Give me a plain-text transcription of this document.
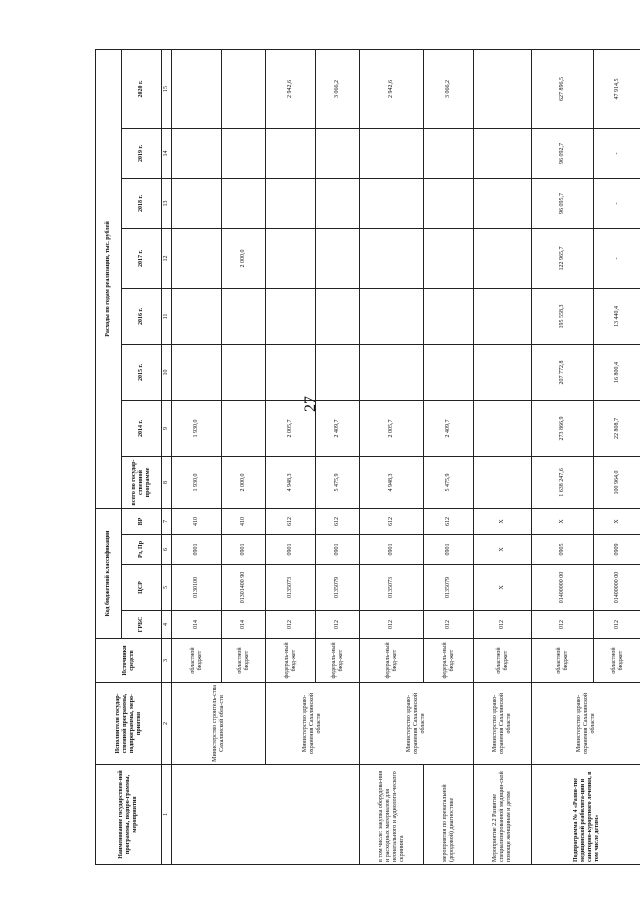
27
Наименование государствен-ной программы, подпро-граммы, мероприятия	Исполнители государ-ственной программы, подпрограммы, меро-приятия	Источники средств	Код бюджетной классификации				Расходы по годам реализации, тыс. рублей							
			ГРБС	ЦСР	Рз, Пр	ВР	всего по государ-ственной программе	2014 г.	2015 г.	2016 г.	2017 г.	2018 г.	2019 г.	2020 г.
1	2	3	4	5	6	7	8	9	10	11	12	13	14	15
	Министерство строитель-ства Сахалинской обла-сти	областной бюджет	014	0130100	0901	410	1 930,0	1 930,0						
		областной бюджет	014	01301400 90	0901	410	2 000,0				2 000,0			
	Министерство здраво-охранения Сахалинской области	федераль-ный бюд-жет	012	0135073	0901	612	4 948,3	2 005,7						2 942,6
		федераль-ный бюд-жет	012	0135079	0901	612	5 475,9	2 409,7						3 066,2
в том числе: закупка оборудова-ния и расходных материалов для неонатального и аудиологи-ческого скрининга	Министерство здраво-охранения Сахалинской области	федераль-ный бюд-жет	012	0135073	0901	612	4 948,3	2 005,7						2 942,6
мероприятия по пренатальной (дородовой) диагностике		федераль-ный бюд-жет	012	0135079	0901	612	5 475,9	2 409,7						3 066,2
Мероприятие 2.2 Развитие специализированной медицин-ской помощи женщинам и детям	Министерство здраво-охранения Сахалинской области	областной бюджет	012	Х	Х	Х								
Подпрограмма № 4 «Разви-тие медицинской реабилита-ции и санаторно-курортного лечения, в том числе детям»	Министерство здраво-охранения Сахалинской области	областной бюджет	012	01400000 00	0905	Х	1 638 247,6	273 866,9	207 772,8	195 558,3	122 965,7	96 095,7	96 092,7	627 896,5
		областной бюджет	012	01400000 00	0909	Х	100 964,0	22 808,7	16 800,4	13 440,4	-	-	-	47 914,5
